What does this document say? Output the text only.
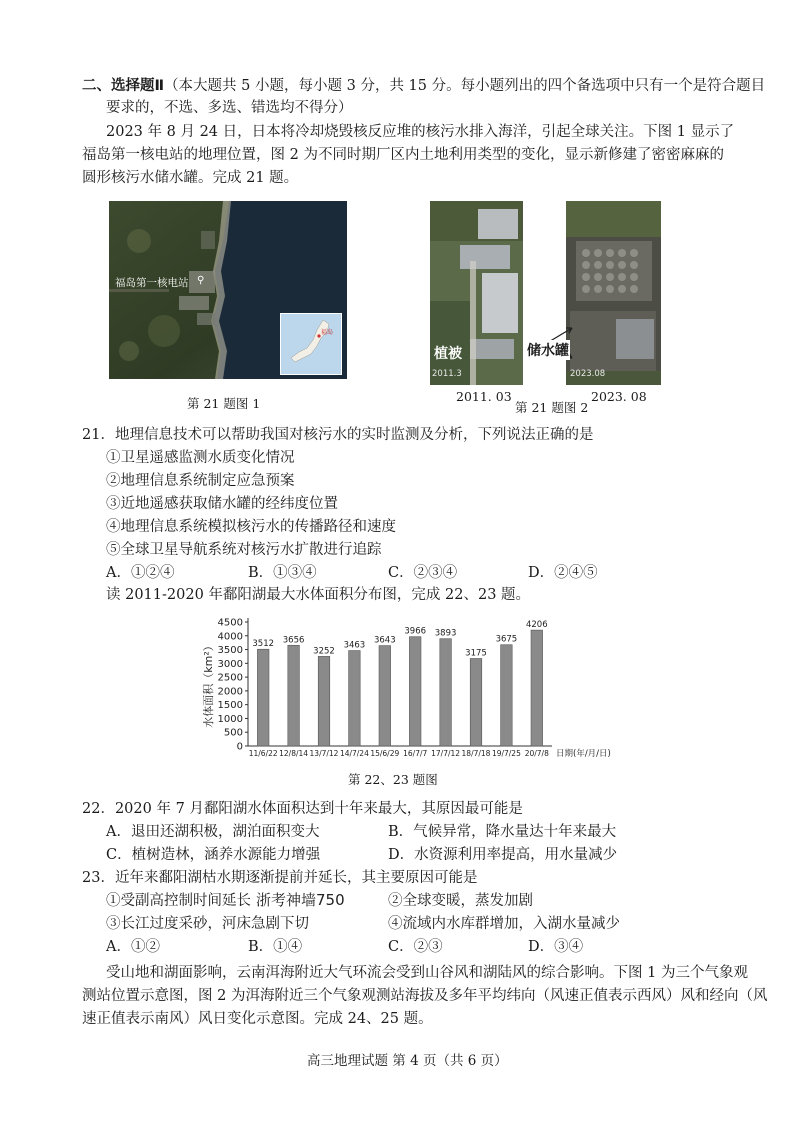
二、选择题Ⅱ（本大题共 5 小题，每小题 3 分，共 15 分。每小题列出的四个备选项中只有一个是符合题目
要求的，不选、多选、错选均不得分）
2023 年 8 月 24 日，日本将冷却烧毁核反应堆的核污水排入海洋，引起全球关注。下图 1 显示了
福岛第一核电站的地理位置，图 2 为不同时期厂区内土地利用类型的变化，显示新修建了密密麻麻的
圆形核污水储水罐。完成 21 题。
福岛第一核电站 ⚲
福岛
第 21 题图 1
植被
2011.3	2023.08
储水罐
2011. 03
第 21 题图 2
2023. 08
21．地理信息技术可以帮助我国对核污水的实时监测及分析，下列说法正确的是
①卫星遥感监测水质变化情况
②地理信息系统制定应急预案
③近地遥感获取储水罐的经纬度位置
④地理信息系统模拟核污水的传播路径和速度
⑤全球卫星导航系统对核污水扩散进行追踪
A．①②④	B．①③④	C．②③④	D．②④⑤
读 2011-2020 年鄱阳湖最大水体面积分布图，完成 22、23 题。
0
500
1000
1500
2000
2500
3000
3500
4000
4500
水体面积（km²）	3512
11/6/22
3656
12/8/14
3252
13/7/12
3463
14/7/24
3643
15/6/29
3966
16/7/7
3893
17/7/12
3175
18/7/18
3675
19/7/25
4206
20/7/8 日期(年/月/日)
第 22、23 题图
22．2020 年 7 月鄱阳湖水体面积达到十年来最大，其原因最可能是
A．退田还湖积极，湖泊面积变大	B．气候异常，降水量达十年来最大
C．植树造林，涵养水源能力增强	D．水资源利用率提高，用水量减少
23．近年来鄱阳湖枯水期逐渐提前并延长，其主要原因可能是
①受副高控制时间延长 浙考神墙750	②全球变暖，蒸发加剧
③长江过度采砂，河床急剧下切	④流域内水库群增加，入湖水量减少
A．①②	B．①④	C．②③	D．③④
受山地和湖面影响，云南洱海附近大气环流会受到山谷风和湖陆风的综合影响。下图 1 为三个气象观
测站位置示意图，图 2 为洱海附近三个气象观测站海拔及多年平均纬向（风速正值表示西风）风和经向（风
速正值表示南风）风日变化示意图。完成 24、25 题。
高三地理试题 第 4 页（共 6 页）
